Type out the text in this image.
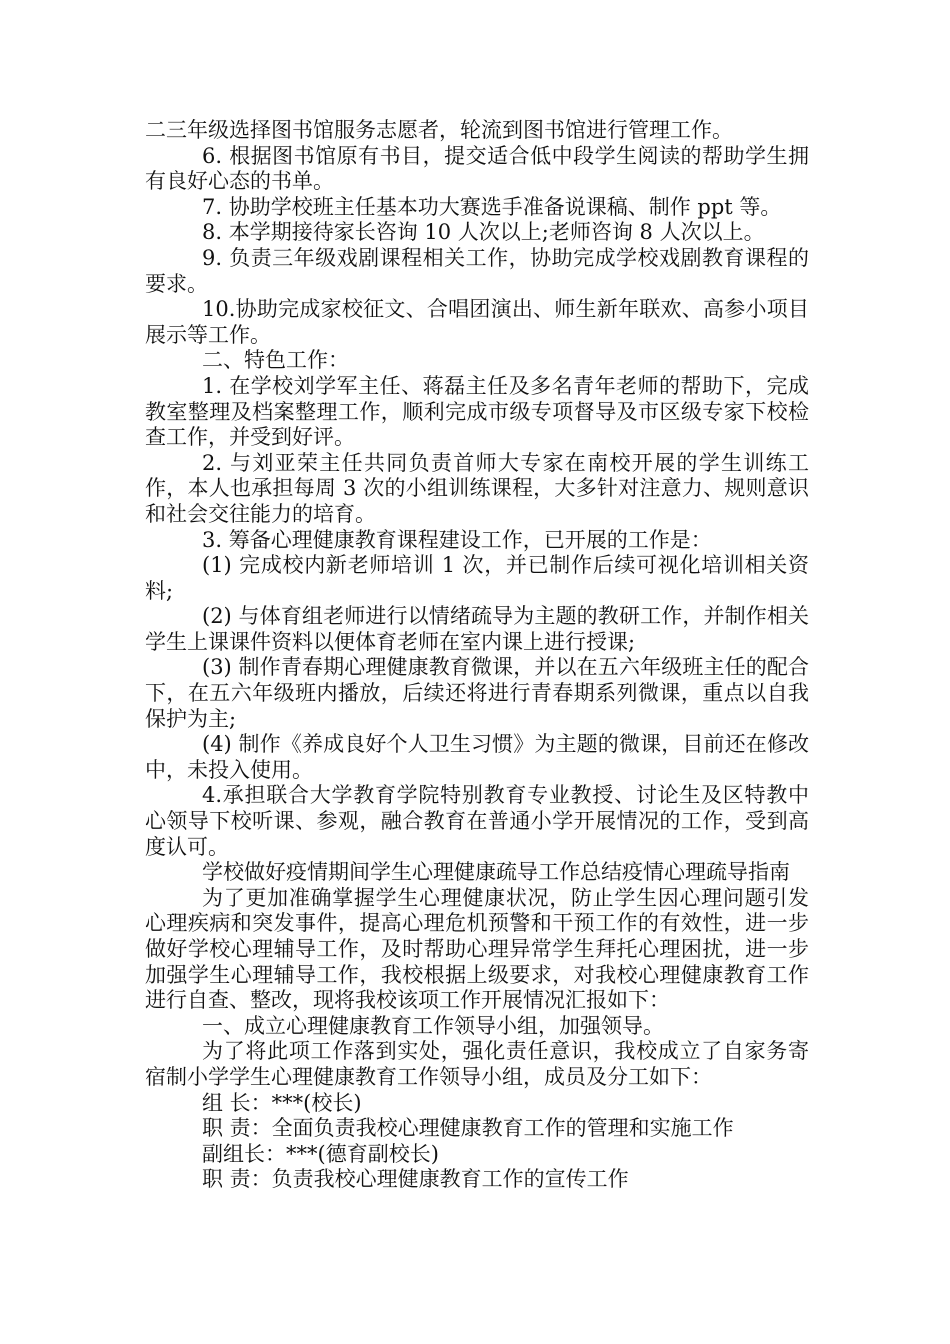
二三年级选择图书馆服务志愿者，轮流到图书馆进行管理工作。

6. 根据图书馆原有书目，提交适合低中段学生阅读的帮助学生拥有良好心态的书单。

7. 协助学校班主任基本功大赛选手准备说课稿、制作 ppt 等。

8. 本学期接待家长咨询 10 人次以上;老师咨询 8 人次以上。

9. 负责三年级戏剧课程相关工作，协助完成学校戏剧教育课程的要求。

10.协助完成家校征文、合唱团演出、师生新年联欢、高参小项目展示等工作。

二、特色工作：

1. 在学校刘学军主任、蒋磊主任及多名青年老师的帮助下，完成教室整理及档案整理工作，顺利完成市级专项督导及市区级专家下校检查工作，并受到好评。

2. 与刘亚荣主任共同负责首师大专家在南校开展的学生训练工作，本人也承担每周 3 次的小组训练课程，大多针对注意力、规则意识和社会交往能力的培育。

3. 筹备心理健康教育课程建设工作，已开展的工作是：

(1) 完成校内新老师培训 1 次，并已制作后续可视化培训相关资料;

(2) 与体育组老师进行以情绪疏导为主题的教研工作，并制作相关学生上课课件资料以便体育老师在室内课上进行授课;

(3) 制作青春期心理健康教育微课，并以在五六年级班主任的配合下，在五六年级班内播放，后续还将进行青春期系列微课，重点以自我保护为主;

(4) 制作《养成良好个人卫生习惯》为主题的微课，目前还在修改中，未投入使用。

4.承担联合大学教育学院特别教育专业教授、讨论生及区特教中心领导下校听课、参观，融合教育在普通小学开展情况的工作，受到高度认可。

学校做好疫情期间学生心理健康疏导工作总结疫情心理疏导指南

为了更加准确掌握学生心理健康状况，防止学生因心理问题引发心理疾病和突发事件，提高心理危机预警和干预工作的有效性，进一步做好学校心理辅导工作，及时帮助心理异常学生拜托心理困扰，进一步加强学生心理辅导工作，我校根据上级要求，对我校心理健康教育工作进行自查、整改，现将我校该项工作开展情况汇报如下：

一、成立心理健康教育工作领导小组，加强领导。

为了将此项工作落到实处，强化责任意识，我校成立了自家务寄宿制小学学生心理健康教育工作领导小组，成员及分工如下：

组 长：***(校长)

职 责：全面负责我校心理健康教育工作的管理和实施工作

副组长：***(德育副校长)

职 责：负责我校心理健康教育工作的宣传工作
